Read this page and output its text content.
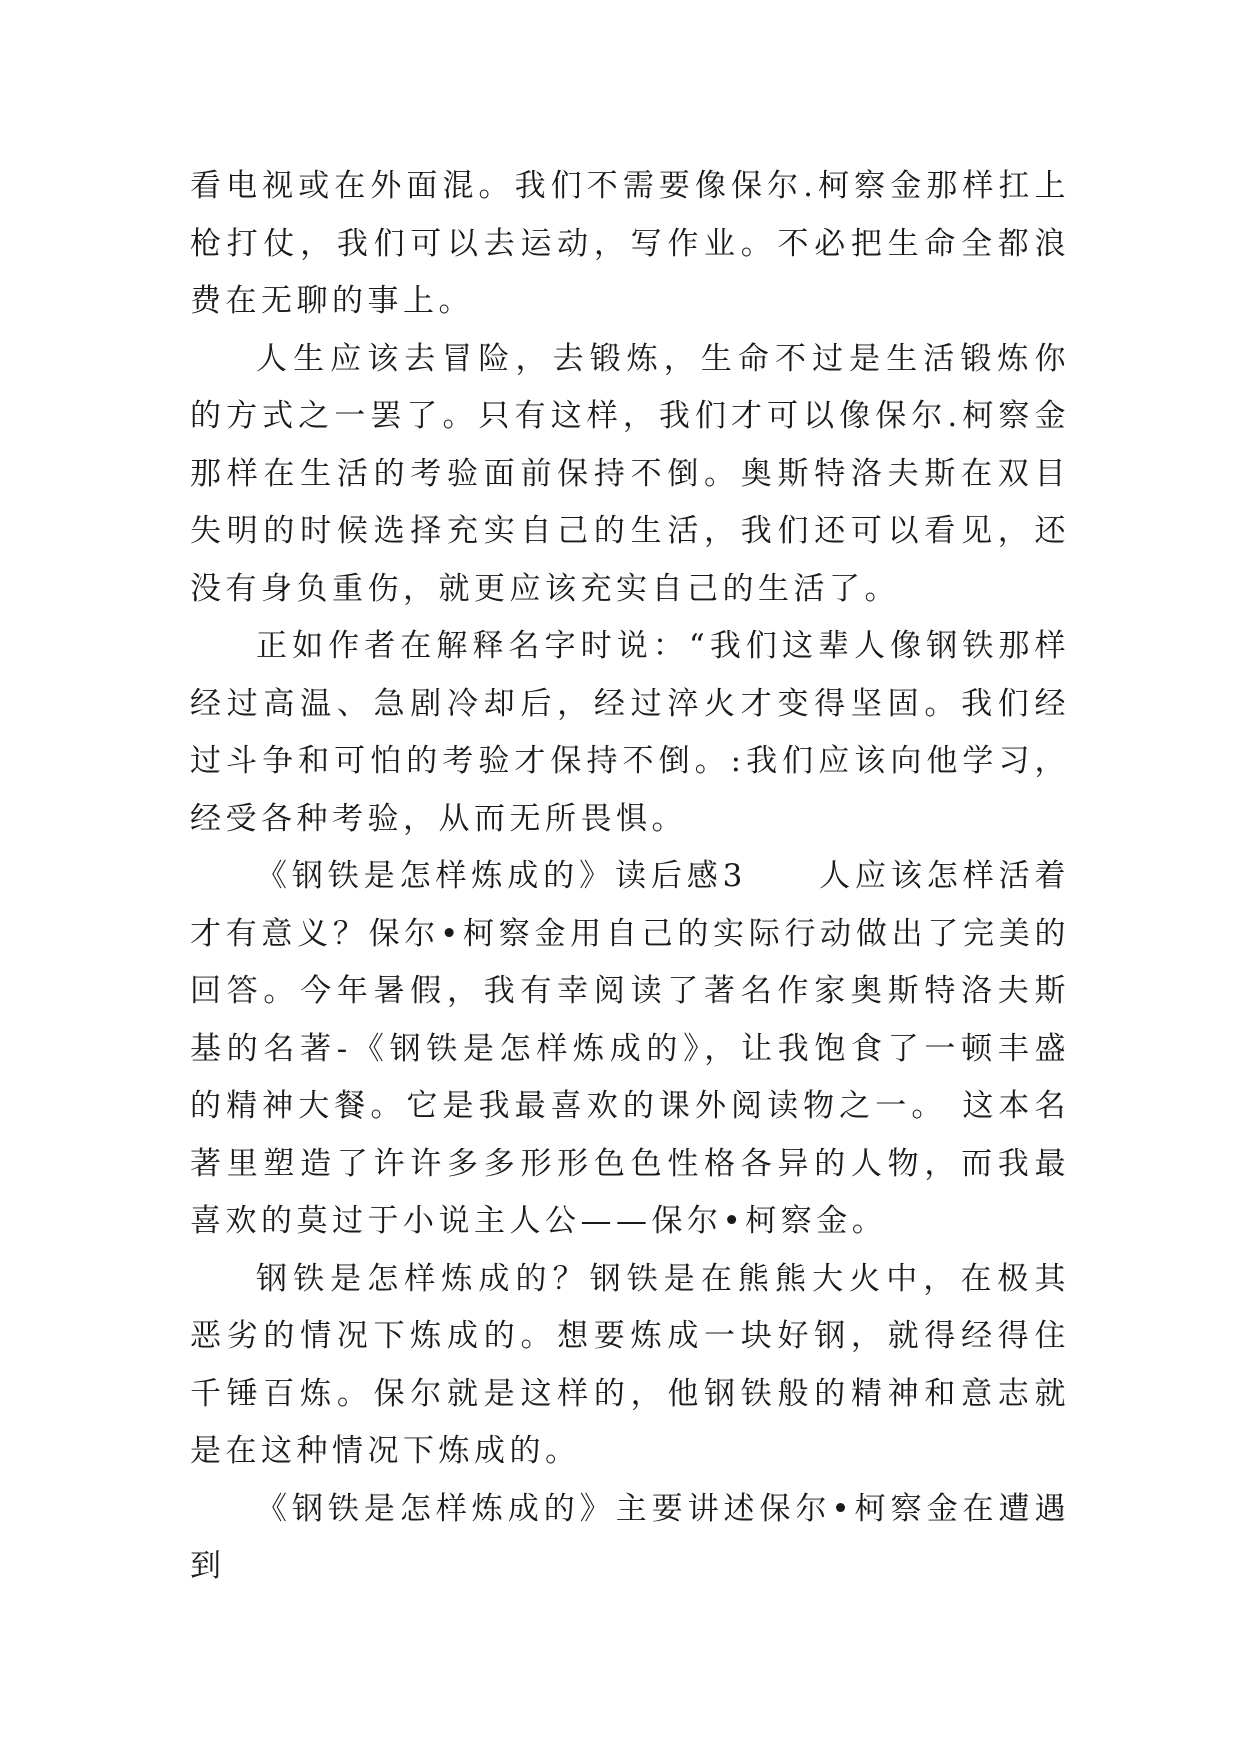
看电视或在外面混。我们不需要像保尔.柯察金那样扛上枪打仗，我们可以去运动，写作业。不必把生命全都浪费在无聊的事上。

人生应该去冒险，去锻炼，生命不过是生活锻炼你的方式之一罢了。只有这样，我们才可以像保尔.柯察金那样在生活的考验面前保持不倒。奥斯特洛夫斯在双目失明的时候选择充实自己的生活，我们还可以看见，还没有身负重伤，就更应该充实自己的生活了。

正如作者在解释名字时说：“我们这辈人像钢铁那样经过高温、急剧冷却后，经过淬火才变得坚固。我们经过斗争和可怕的考验才保持不倒。:我们应该向他学习，经受各种考验，从而无所畏惧。

《钢铁是怎样炼成的》读后感3　　人应该怎样活着才有意义？保尔•柯察金用自己的实际行动做出了完美的回答。今年暑假，我有幸阅读了著名作家奥斯特洛夫斯基的名著-《钢铁是怎样炼成的》，让我饱食了一顿丰盛的精神大餐。它是我最喜欢的课外阅读物之一。 这本名著里塑造了许许多多形形色色性格各异的人物，而我最喜欢的莫过于小说主人公——保尔•柯察金。

钢铁是怎样炼成的？钢铁是在熊熊大火中，在极其恶劣的情况下炼成的。想要炼成一块好钢，就得经得住千锤百炼。保尔就是这样的，他钢铁般的精神和意志就是在这种情况下炼成的。

《钢铁是怎样炼成的》主要讲述保尔•柯察金在遭遇到
